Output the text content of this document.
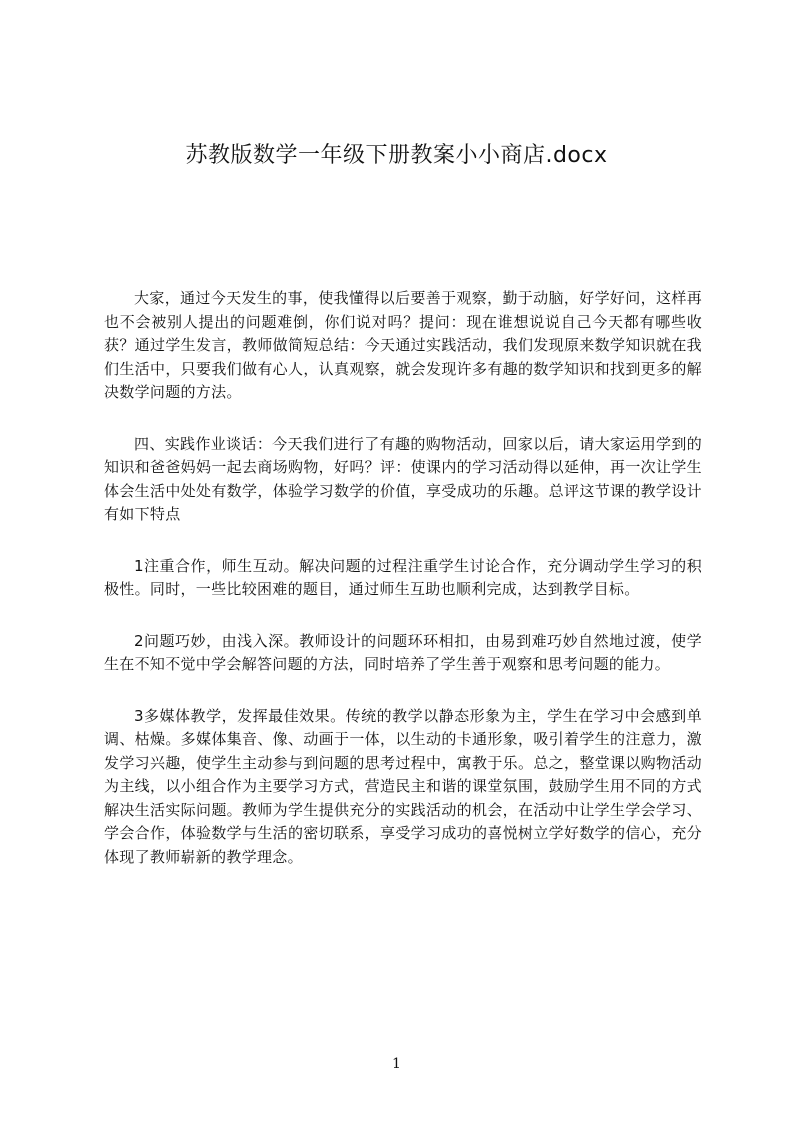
苏教版数学一年级下册教案小小商店.docx

大家，通过今天发生的事，使我懂得以后要善于观察，勤于动脑，好学好问，这样再也不会被别人提出的问题难倒，你们说对吗？提问：现在谁想说说自己今天都有哪些收获？通过学生发言，教师做简短总结：今天通过实践活动，我们发现原来数学知识就在我们生活中，只要我们做有心人，认真观察，就会发现许多有趣的数学知识和找到更多的解决数学问题的方法。

四、实践作业谈话：今天我们进行了有趣的购物活动，回家以后，请大家运用学到的知识和爸爸妈妈一起去商场购物，好吗？评：使课内的学习活动得以延伸，再一次让学生体会生活中处处有数学，体验学习数学的价值，享受成功的乐趣。总评这节课的教学设计有如下特点

1注重合作，师生互动。解决问题的过程注重学生讨论合作，充分调动学生学习的积极性。同时，一些比较困难的题目，通过师生互助也顺利完成，达到教学目标。

2问题巧妙，由浅入深。教师设计的问题环环相扣，由易到难巧妙自然地过渡，使学生在不知不觉中学会解答问题的方法，同时培养了学生善于观察和思考问题的能力。

3多媒体教学，发挥最佳效果。传统的教学以静态形象为主，学生在学习中会感到单调、枯燥。多媒体集音、像、动画于一体，以生动的卡通形象，吸引着学生的注意力，激发学习兴趣，使学生主动参与到问题的思考过程中，寓教于乐。总之，整堂课以购物活动为主线，以小组合作为主要学习方式，营造民主和谐的课堂氛围，鼓励学生用不同的方式解决生活实际问题。教师为学生提供充分的实践活动的机会，在活动中让学生学会学习、学会合作，体验数学与生活的密切联系，享受学习成功的喜悦树立学好数学的信心，充分体现了教师崭新的教学理念。

1
